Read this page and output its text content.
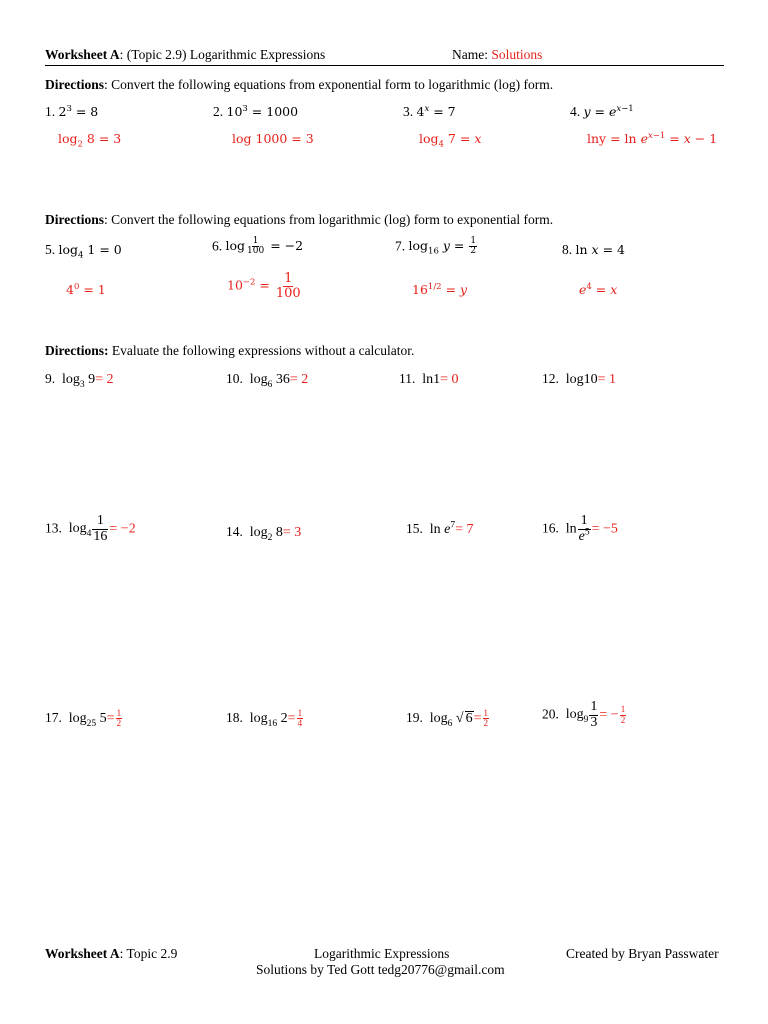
Worksheet A: (Topic 2.9) Logarithmic Expressions	Name: Solutions
Directions: Convert the following equations from exponential form to logarithmic (log) form.
1. $2^3 = 8$	2. $10^3 = 1000$	3. $4^x = 7$	4. $y = e^{x-1}$
$\log_2 8 = 3$	log 1000 = 3	$\log_4 7 = x$	$\ln y = \ln e^{x-1} = x - 1$
Directions: Convert the following equations from logarithmic (log) form to exponential form.
5. $\log_4 1 = 0$	6. $\log \frac{1}{100} = -2$	7. $\log_{16} y = \frac{1}{2}$	8. ln x = 4
$4^0 = 1$	$10^{-2} = \frac{1}{100}$	$16^{1/2} = y$	$e^4 = x$
Directions: Evaluate the following expressions without a calculator.
9.  $\log_3 9= 2$	10.  $\log_6 36= 2$	11.  ln1= 0	12.  log10= 1
13.  $\log_4 \frac{1}{16} = -2$	14.  $\log_2 8= 3$	15.  $\ln e^7= 7$	16.  $\ln \frac{1}{e^5} = -5$
17.  $\log_{25} 5= \frac{1}{2}$	18.  $\log_{16} 2= \frac{1}{4}$	19.  $\log_6$ √ $6= \frac{1}{2}$	20.  $\log_9 \frac{1}{3}$ = − $\frac{1}{2}$
Worksheet A: Topic 2.9	Logarithmic Expressions	Created by Bryan Passwater
Solutions by Ted Gott tedg20776@gmail.com
